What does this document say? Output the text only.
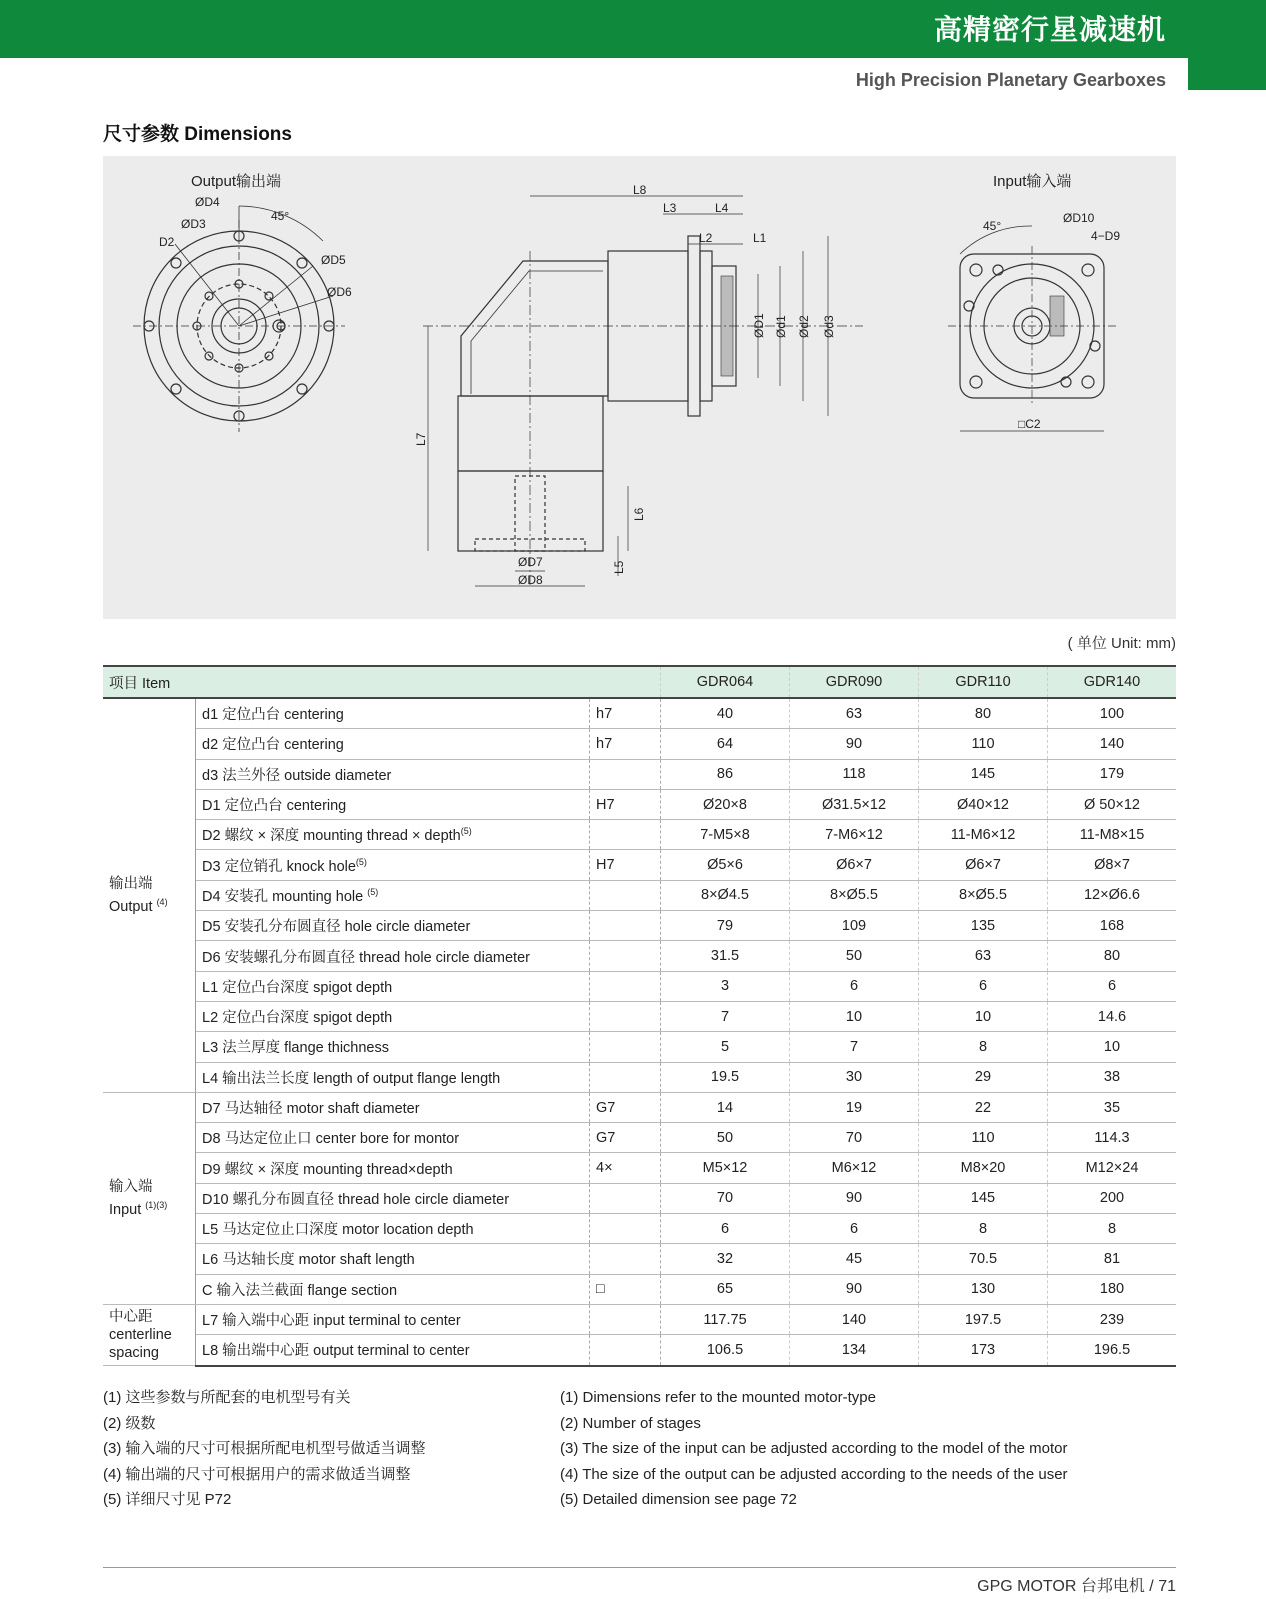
高精密行星减速机
High Precision Planetary Gearboxes
尺寸参数 Dimensions
Output输出端	Input输入端
ØD4
ØD3
D2
45°
ØD5
ØD6
L8
L3	L4
L2	L1
ØD1 Ød1 Ød2 Ød3
L7
L6
L5
ØD7
ØD8
45°
ØD10
4−D9
□C2
( 单位 Unit: mm)
项目 Item			GDR064	GDR090	GDR110	GDR140

输出端
Output $^{(4)}$	d1 定位凸台 centering	h7	40	63	80	100
	d2 定位凸台 centering	h7	64	90	110	140
	d3 法兰外径 outside diameter		86	118	145	179
	D1 定位凸台 centering	H7	Ø20×8	Ø31.5×12	Ø40×12	Ø 50×12
	D2 螺纹 × 深度 mounting thread × depth$^{(5)}$		7-M5×8	7-M6×12	11-M6×12	11-M8×15
	D3 定位销孔 knock hole$^{(5)}$	H7	Ø5×6	Ø6×7	Ø6×7	Ø8×7
	D4 安装孔 mounting hole $^{(5)}$		8×Ø4.5	8×Ø5.5	8×Ø5.5	12×Ø6.6
	D5 安装孔分布圆直径 hole circle diameter		79	109	135	168
	D6 安装螺孔分布圆直径 thread hole circle diameter		31.5	50	63	80
	L1 定位凸台深度 spigot depth		3	6	6	6
	L2 定位凸台深度 spigot depth		7	10	10	14.6
	L3 法兰厚度 flange thichness		5	7	8	10
	L4 输出法兰长度 length of output flange length		19.5	30	29	38

输入端
Input $^{(1)(3)}$	D7 马达轴径 motor shaft diameter	G7	14	19	22	35
	D8 马达定位止口 center bore for montor	G7	50	70	110	114.3
	D9 螺纹 × 深度 mounting thread×depth	4×	M5×12	M6×12	M8×20	M12×24
	D10 螺孔分布圆直径 thread hole circle diameter		70	90	145	200
	L5 马达定位止口深度 motor location depth		6	6	8	8
	L6 马达轴长度 motor shaft length		32	45	70.5	81
	C 输入法兰截面 flange section	□	65	90	130	180

中心距
centerline
spacing	L7 输入端中心距 input terminal to center		117.75	140	197.5	239
	L8 输出端中心距 output terminal to center		106.5	134	173	196.5
(1) 这些参数与所配套的电机型号有关
(2) 级数
(3) 输入端的尺寸可根据所配电机型号做适当调整
(4) 输出端的尺寸可根据用户的需求做适当调整
(5) 详细尺寸见 P72
(1) Dimensions refer to the mounted motor-type
(2) Number of stages
(3) The size of the input can be adjusted according to the model of the motor
(4) The size of the output can be adjusted according to the needs of the user
(5) Detailed dimension see page 72
GPG MOTOR 台邦电机 / 71
